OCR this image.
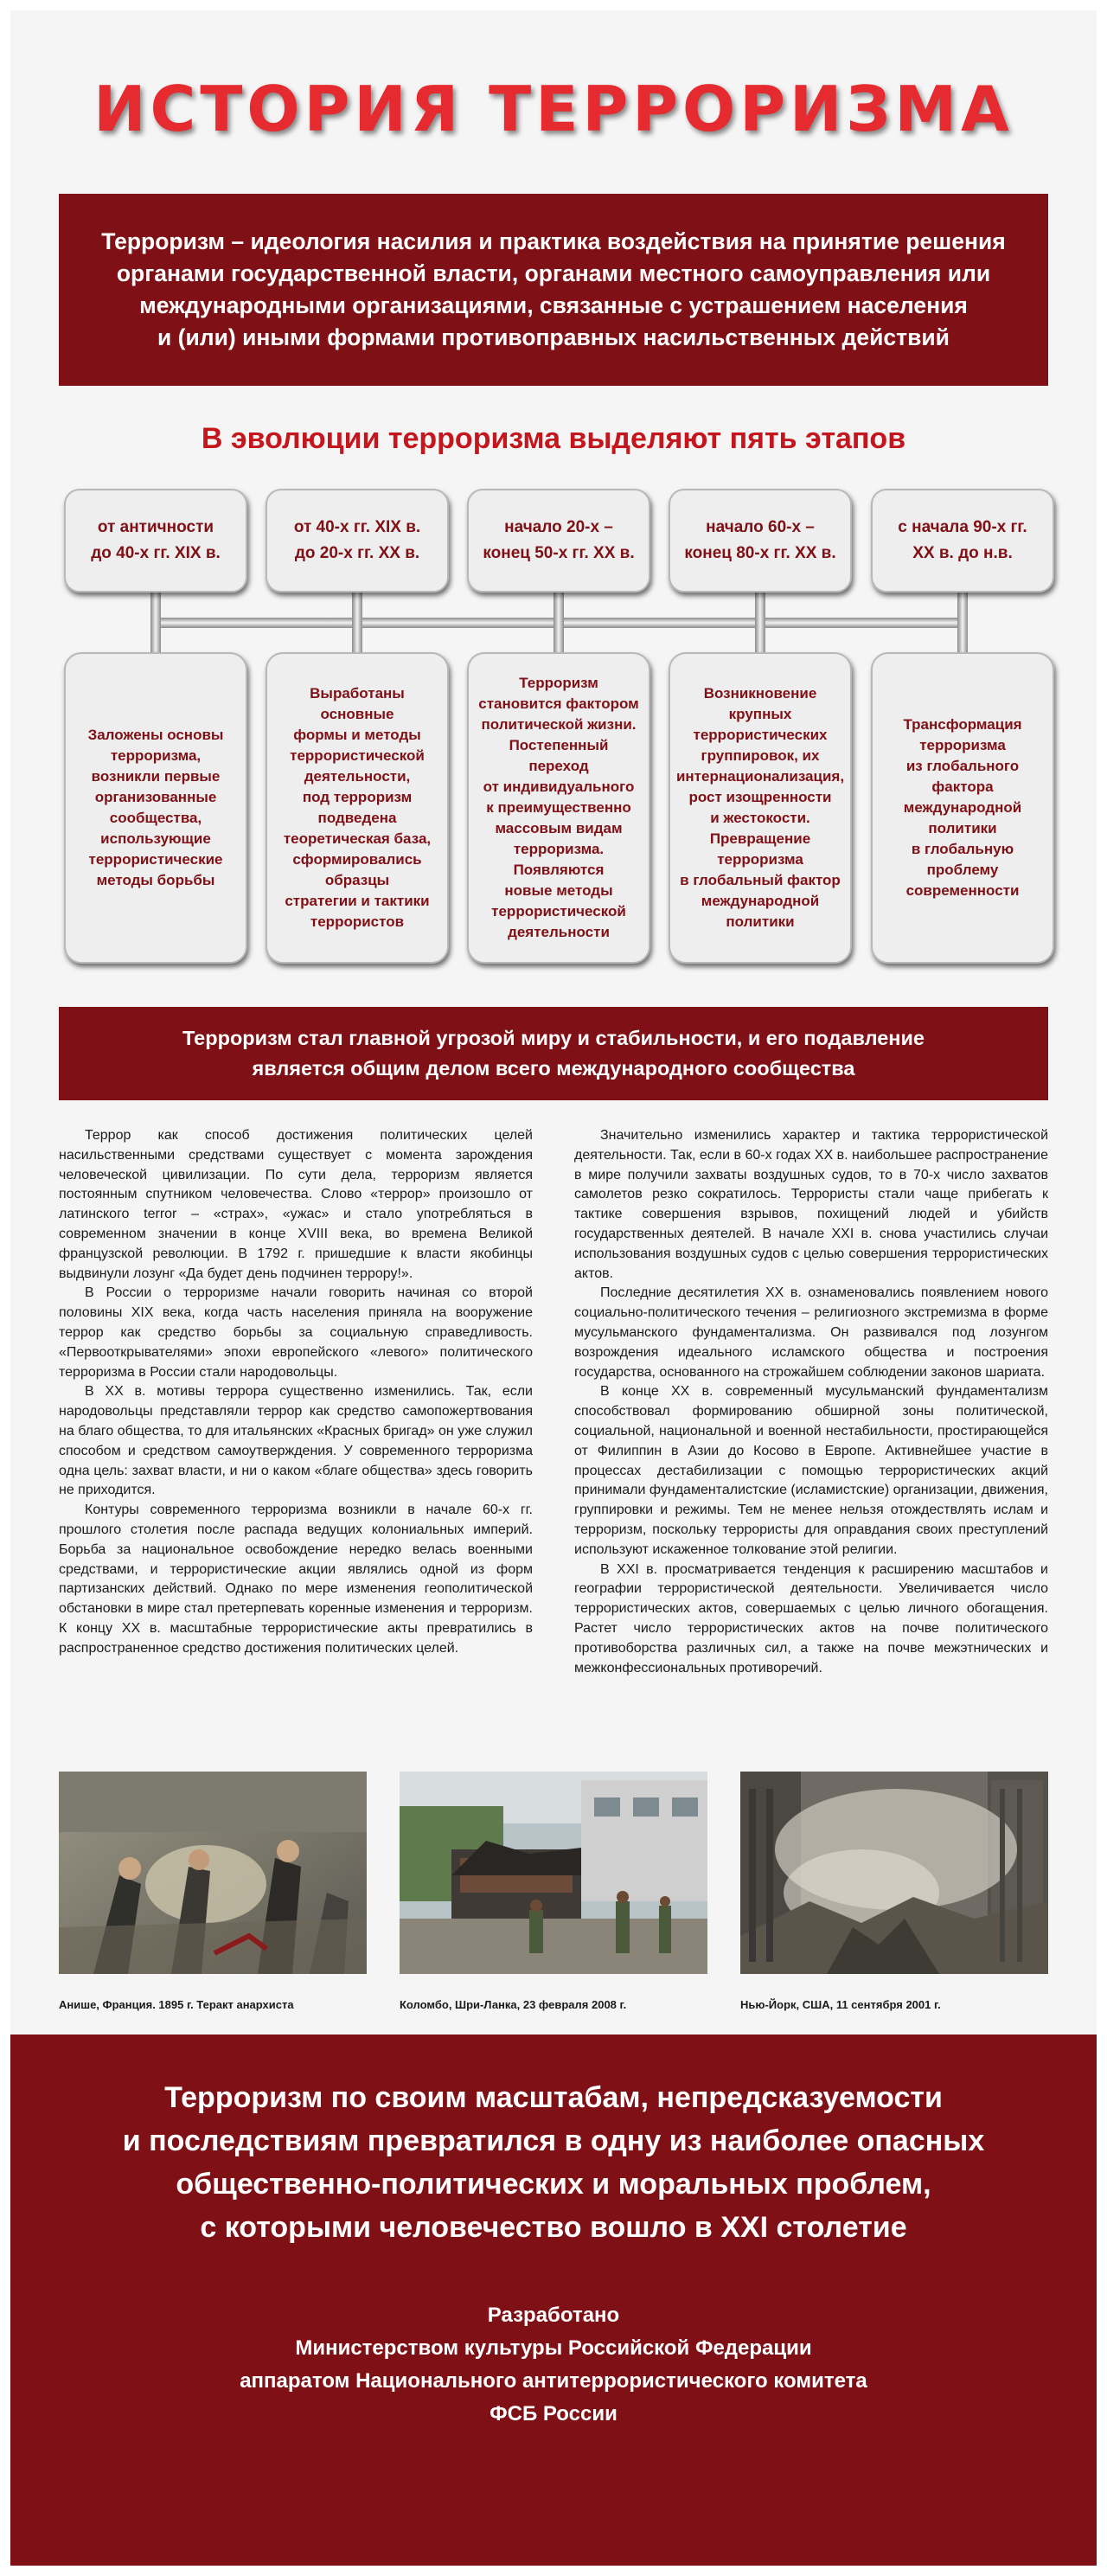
ИСТОРИЯ ТЕРРОРИЗМА
Терроризм – идеология насилия и практика воздействия на принятие решения
органами государственной власти, органами местного самоуправления или
международными организациями, связанные с устрашением населения
и (или) иными формами противоправных насильственных действий
В эволюции терроризма выделяют пять этапов
от античности
до 40-х гг. XIX в.
от 40-х гг. XIX в.
до 20-х гг. XX в.
начало 20-х –
конец 50-х гг. XX в.
начало 60-х –
конец 80-х гг. XX в.
с начала 90-х гг.
XX в. до н.в.
Заложены основы
терроризма,
возникли первые
организованные
сообщества,
использующие
террористические
методы борьбы
Выработаны
основные
формы и методы
террористической
деятельности,
под терроризм
подведена
теоретическая база,
сформировались
образцы
стратегии и тактики
террористов
Терроризм
становится фактором
политической жизни.
Постепенный переход
от индивидуального
к преимущественно
массовым видам
терроризма.
Появляются
новые методы
террористической
деятельности
Возникновение
крупных
террористических
группировок, их
интернационализация,
рост изощренности
и жестокости.
Превращение
терроризма
в глобальный фактор
международной
политики
Трансформация
терроризма
из глобального
фактора
международной
политики
в глобальную
проблему
современности
Терроризм стал главной угрозой миру и стабильности, и его подавление
является общим делом всего международного сообщества

Террор как способ достижения политических целей насильственными средствами существует с момента зарождения человеческой цивилизации. По сути дела, терроризм является постоянным спутником человечества. Слово «террор» произошло от латинского terror – «страх», «ужас» и стало употребляться в современном значении в конце XVIII века, во времена Великой французской революции. В 1792 г. пришедшие к власти якобинцы выдвинули лозунг «Да будет день подчинен террору!».

В России о терроризме начали говорить начиная со второй половины XIX века, когда часть населения приняла на вооружение террор как средство борьбы за социальную справедливость. «Первооткрывателями» эпохи европейского «левого» политического терроризма в России стали народовольцы.

В XX в. мотивы террора существенно изменились. Так, если народовольцы представляли террор как средство самопожертвования на благо общества, то для итальянских «Красных бригад» он уже служил способом и средством самоутверждения. У современного терроризма одна цель: захват власти, и ни о каком «благе общества» здесь говорить не приходится.

Контуры современного терроризма возникли в начале 60-х гг. прошлого столетия после распада ведущих колониальных империй. Борьба за национальное освобождение нередко велась военными средствами, и террористические акции являлись одной из форм партизанских действий. Однако по мере изменения геополитической обстановки в мире стал претерпевать коренные изменения и терроризм. К концу XX в. масштабные террористические акты превратились в распространенное средство достижения политических целей.

Значительно изменились характер и тактика террористической деятельности. Так, если в 60-х годах XX в. наибольшее распространение в мире получили захваты воздушных судов, то в 70-х число захватов самолетов резко сократилось. Террористы стали чаще прибегать к тактике совершения взрывов, похищений людей и убийств государственных деятелей. В начале XXI в. снова участились случаи использования воздушных судов с целью совершения террористических актов.

Последние десятилетия XX в. ознаменовались появлением нового социально-политического течения – религиозного экстремизма в форме мусульманского фундаментализма. Он развивался под лозунгом возрождения идеального исламского общества и построения государства, основанного на строжайшем соблюдении законов шариата.

В конце XX в. современный мусульманский фундаментализм способствовал формированию обширной зоны политической, социальной, национальной и военной нестабильности, простирающейся от Филиппин в Азии до Косово в Европе. Активнейшее участие в процессах дестабилизации с помощью террористических акций принимали фундаменталистские (исламистские) организации, движения, группировки и режимы. Тем не менее нельзя отождествлять ислам и терроризм, поскольку террористы для оправдания своих преступлений используют искаженное толкование этой религии.

В XXI в. просматривается тенденция к расширению масштабов и географии террористической деятельности. Увеличивается число террористических актов, совершаемых с целью личного обогащения. Растет число террористических актов на почве политического противоборства различных сил, а также на почве межэтнических и межконфессиональных противоречий.

Анише, Франция. 1895 г. Теракт анархиста	Коломбо, Шри-Ланка, 23 февраля 2008 г.	Нью-Йорк, США, 11 сентября 2001 г.
Терроризм по своим масштабам, непредсказуемости
и последствиям превратился в одну из наиболее опасных
общественно-политических и моральных проблем,
с которыми человечество вошло в XXI столетие
Разработано
Министерством культуры Российской Федерации
аппаратом Национального антитеррористического комитета
ФСБ России
